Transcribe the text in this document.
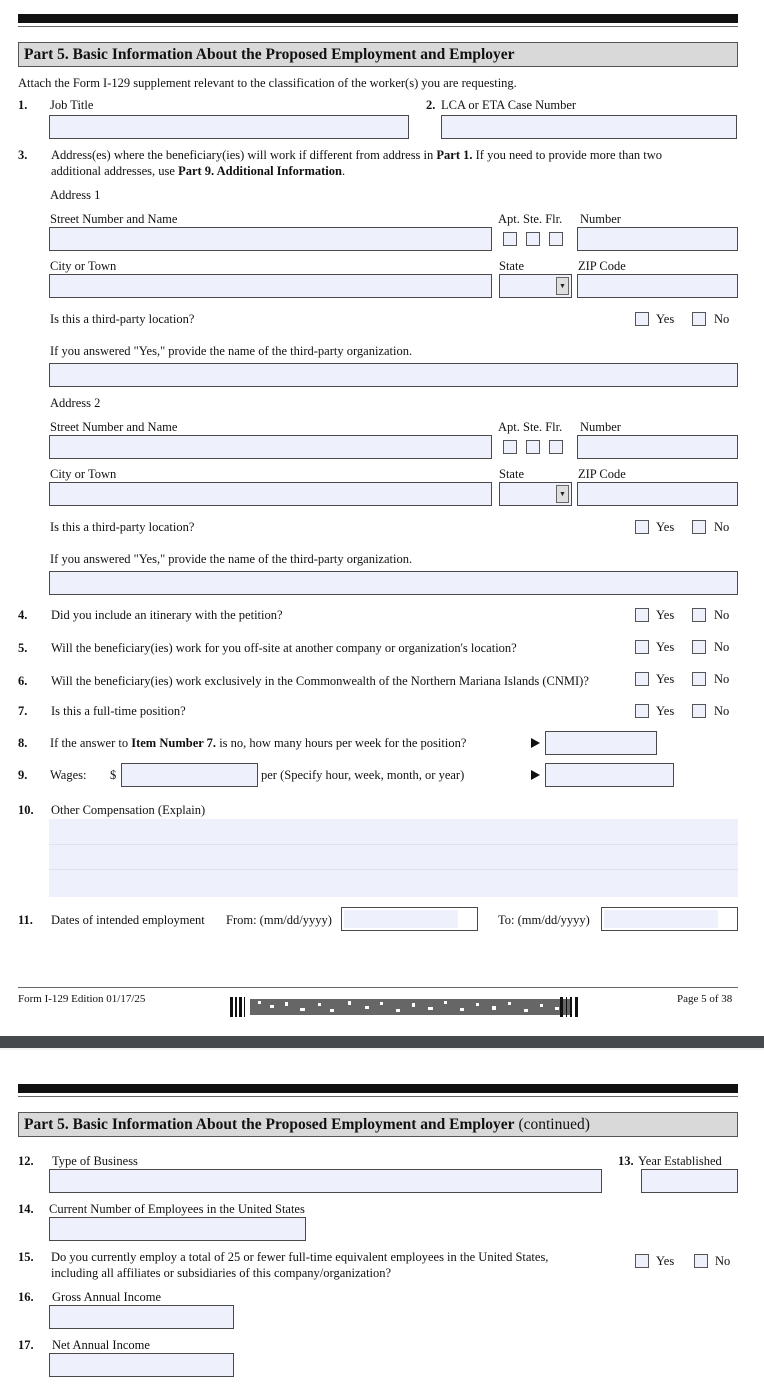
Part 5. Basic Information About the Proposed Employment and Employer
Attach the Form I-129 supplement relevant to the classification of the worker(s) you are requesting.
1. Job Title	2. LCA or ETA Case Number
3. Address(es) where the beneficiary(ies) will work if different from address in Part 1. If you need to provide more than two
additional addresses, use Part 9. Additional Information.
Address 1
Street Number and Name	Apt. Ste. Flr. Number
City or Town	State	ZIP Code
▼
Is this a third-party location?	Yes	No
If you answered "Yes," provide the name of the third-party organization.
Address 2
Street Number and Name	Apt. Ste. Flr. Number
City or Town	State	ZIP Code
▼
Is this a third-party location?	Yes	No
If you answered "Yes," provide the name of the third-party organization.
4. Did you include an itinerary with the petition?	Yes	No
5. Will the beneficiary(ies) work for you off-site at another company or organization's location?	Yes	No
6. Will the beneficiary(ies) work exclusively in the Commonwealth of the Northern Mariana Islands (CNMI)?	Yes	No
7. Is this a full-time position?	Yes	No
8. If the answer to Item Number 7. is no, how many hours per week for the position?
9. Wages: $	per (Specify hour, week, month, or year)
10. Other Compensation (Explain)
11. Dates of intended employment From: (mm/dd/yyyy)	To: (mm/dd/yyyy)
Form I-129 Edition 01/17/25	Page 5 of 38
Part 5. Basic Information About the Proposed Employment and Employer (continued)
12. Type of Business	13. Year Established
14. Current Number of Employees in the United States
15. Do you currently employ a total of 25 or fewer full-time equivalent employees in the United States,
including all affiliates or subsidiaries of this company/organization?
Yes	No
16. Gross Annual Income
17. Net Annual Income
